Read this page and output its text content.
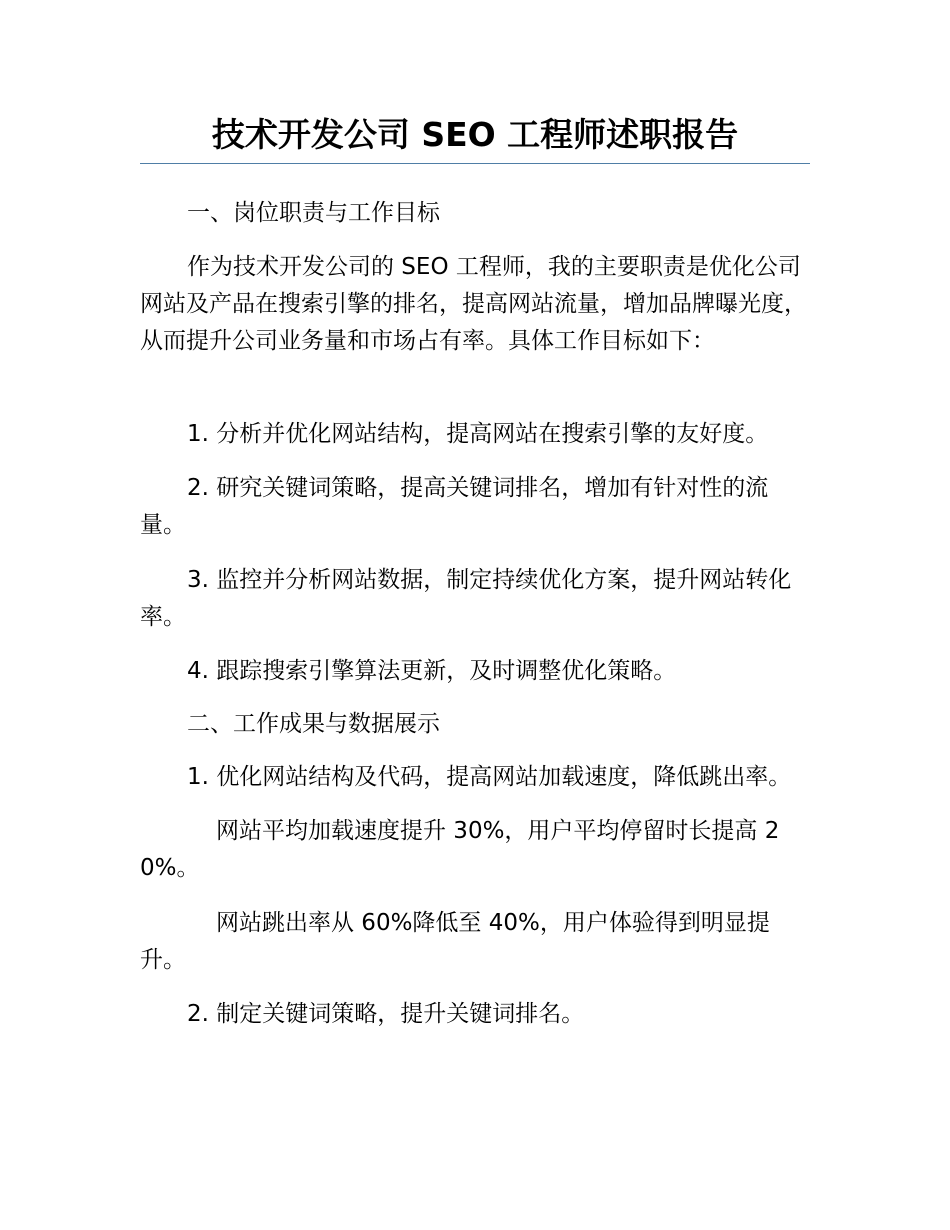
技术开发公司 SEO 工程师述职报告

一、岗位职责与工作目标

作为技术开发公司的 SEO 工程师，我的主要职责是优化公司网站及产品在搜索引擎的排名，提高网站流量，增加品牌曝光度，从而提升公司业务量和市场占有率。具体工作目标如下：

1. 分析并优化网站结构，提高网站在搜索引擎的友好度。

2. 研究关键词策略，提高关键词排名，增加有针对性的流量。

3. 监控并分析网站数据，制定持续优化方案，提升网站转化率。

4. 跟踪搜索引擎算法更新，及时调整优化策略。

二、工作成果与数据展示

1. 优化网站结构及代码，提高网站加载速度，降低跳出率。

网站平均加载速度提升 30%，用户平均停留时长提高 20%。

网站跳出率从 60%降低至 40%，用户体验得到明显提升。

2. 制定关键词策略，提升关键词排名。
